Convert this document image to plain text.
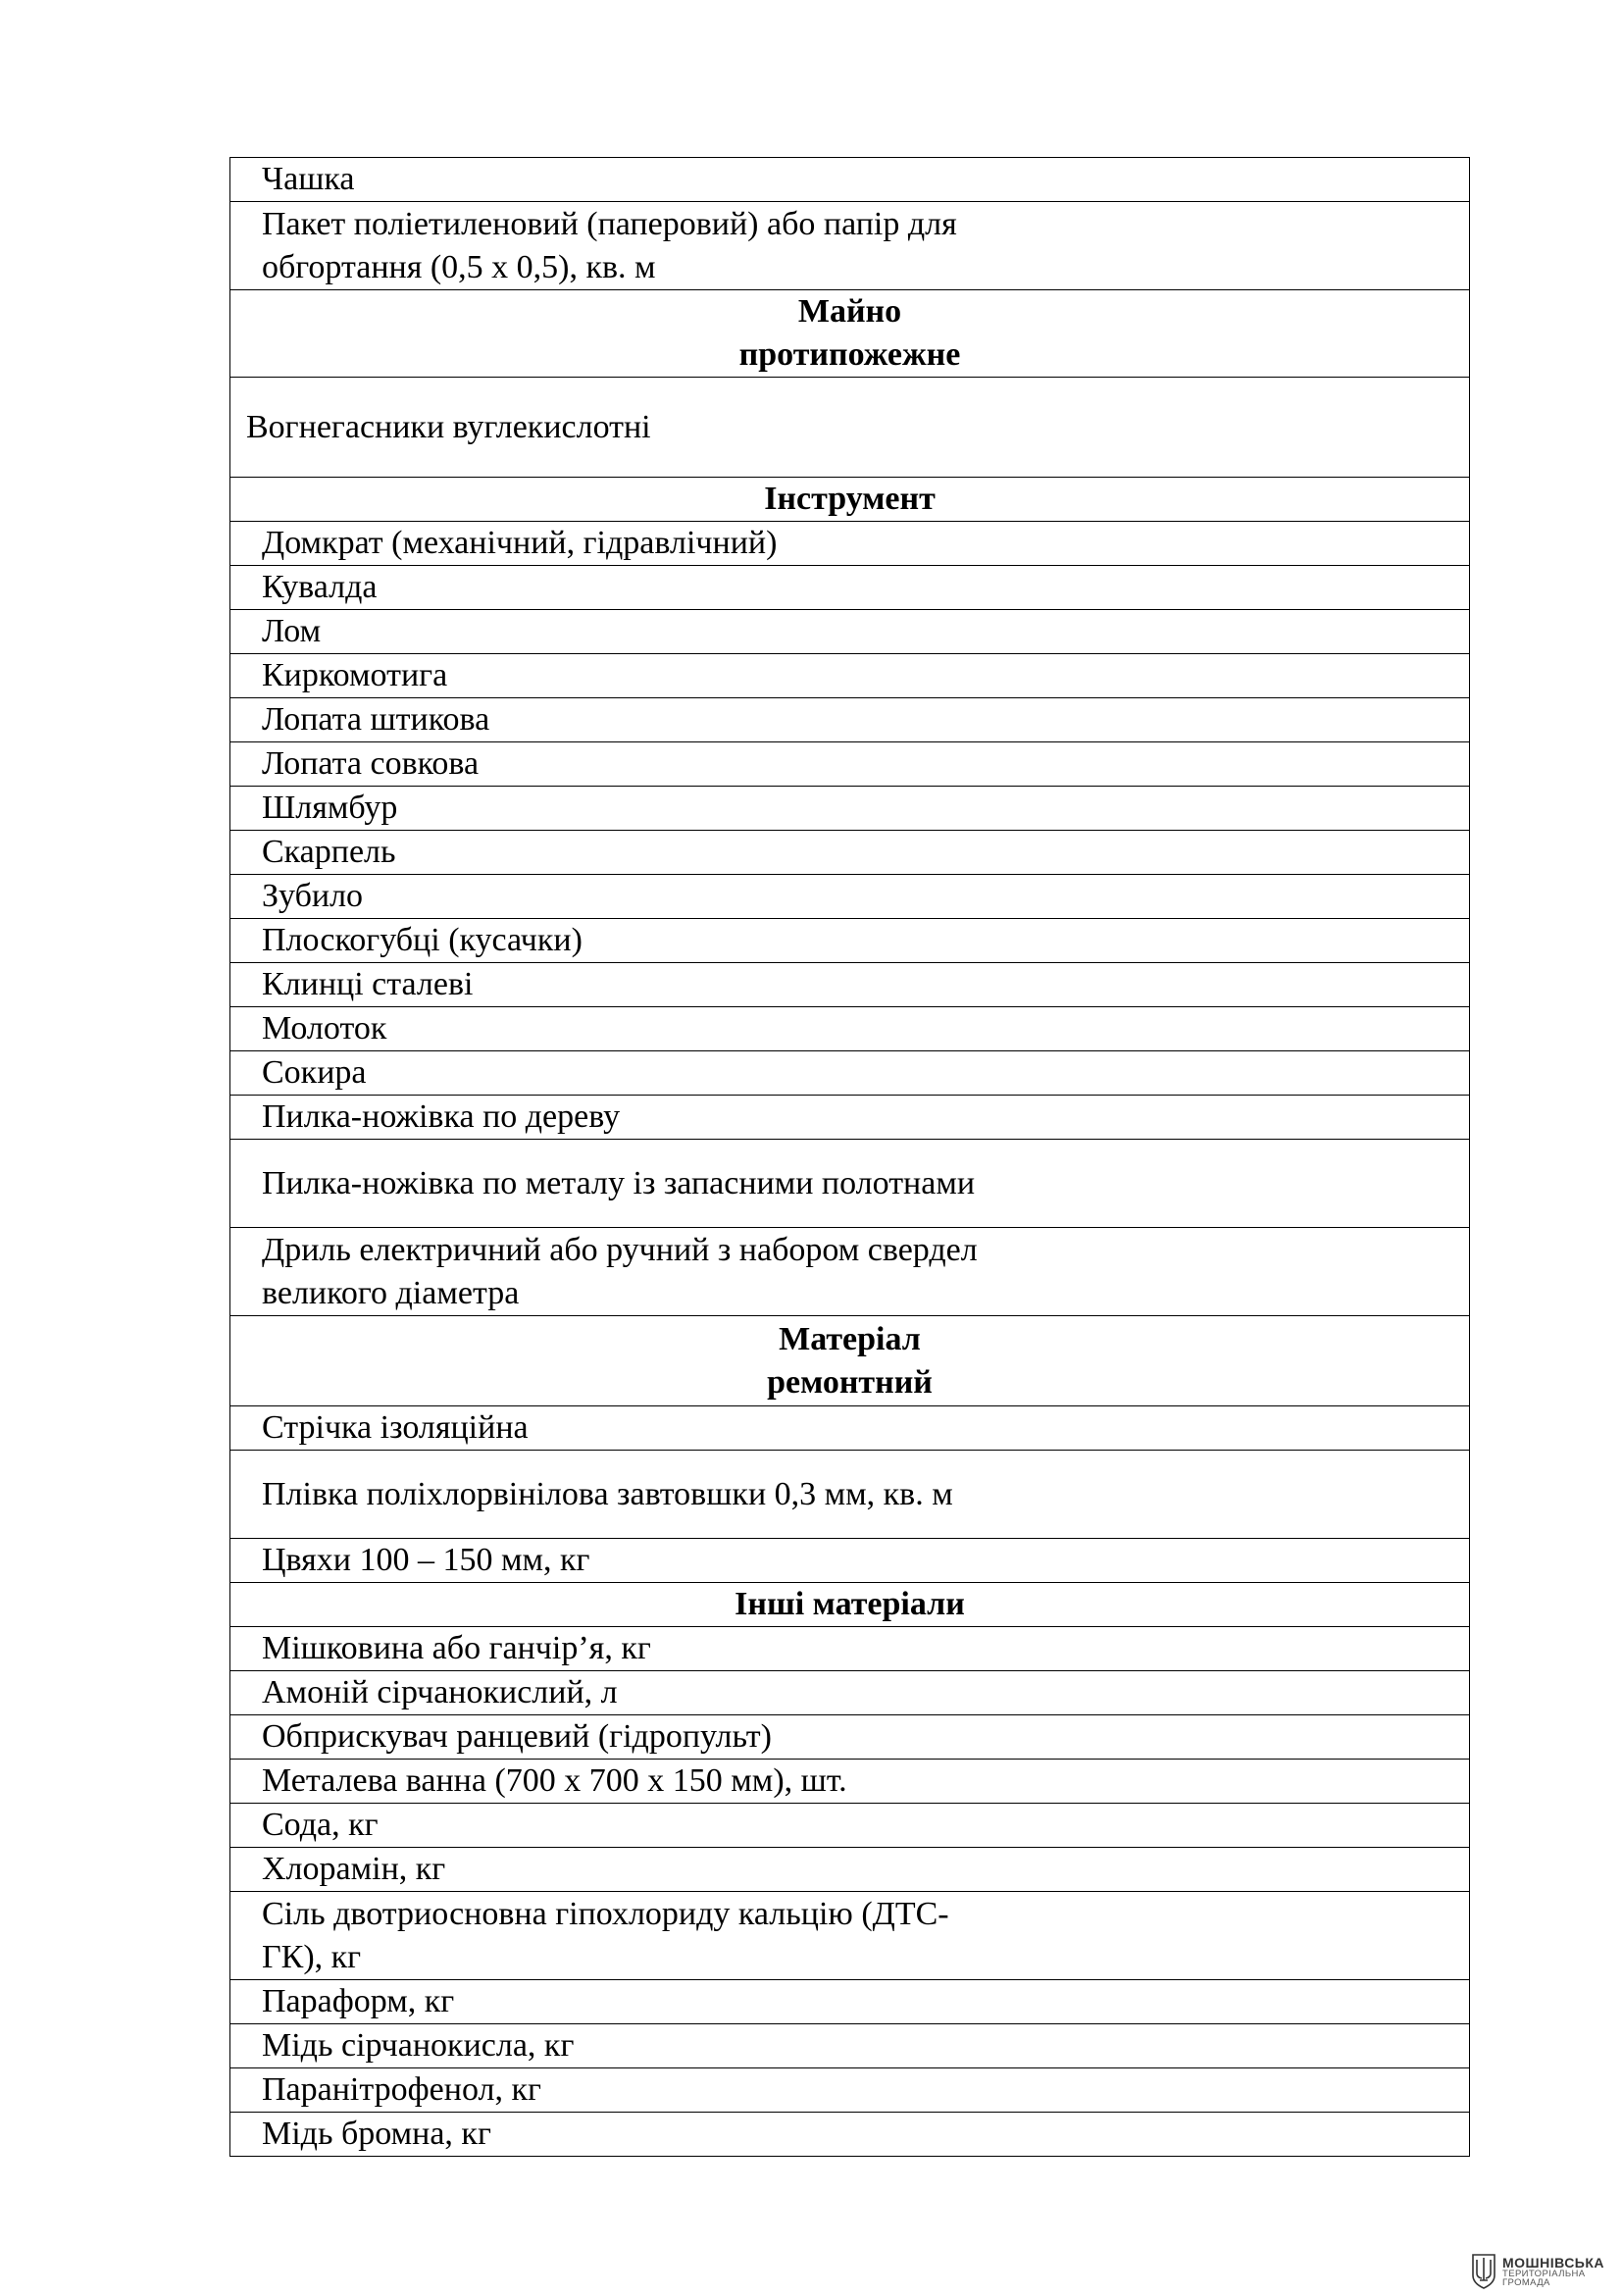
Чашка
Пакет поліетиленовий (паперовий) або папір для обгортання (0,5 х 0,5), кв. м

Майно
протипожежне

Вогнегасники вуглекислотні
Інструмент
Домкрат (механічний, гідравлічний)
Кувалда
Лом
Киркомотига
Лопата штикова
Лопата совкова
Шлямбур
Скарпель
Зубило
Плоскогубці (кусачки)
Клинці сталеві
Молоток
Сокира
Пилка-ножівка по дереву
Пилка-ножівка по металу із запасними полотнами
Дриль електричний або ручний з набором свердел великого діаметра

Матеріал
ремонтний

Стрічка ізоляційна
Плівка поліхлорвінілова завтовшки 0,3 мм, кв. м
Цвяхи 100 – 150 мм, кг
Інші матеріали
Мішковина або ганчір’я, кг
Амоній сірчанокислий, л
Обприскувач ранцевий (гідропульт)
Металева ванна (700 х 700 х 150 мм), шт.
Сода, кг
Хлорамін, кг
Сіль двотриосновна гіпохлориду кальцію (ДТС-ГК), кг
Параформ, кг
Мідь сірчанокисла, кг
Паранітрофенол, кг
Мідь бромна, кг
МОШНІВСЬКА
ТЕРИТОРІАЛЬНА
ГРОМАДА
